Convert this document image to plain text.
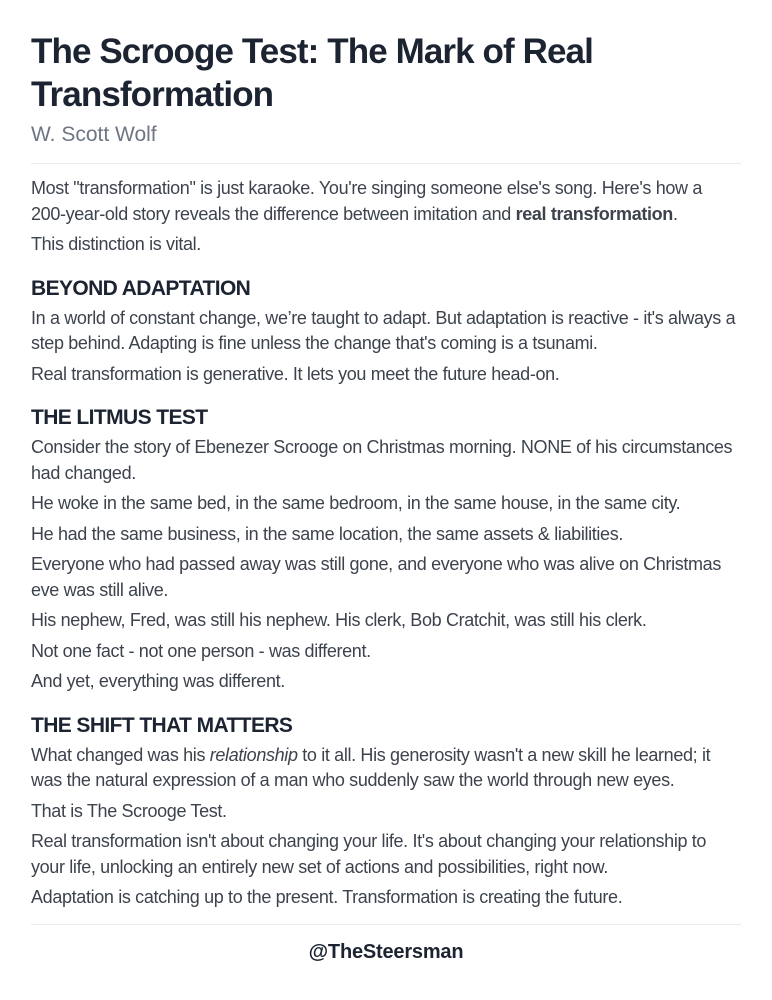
The Scrooge Test: The Mark of Real Transformation
W. Scott Wolf

Most "transformation" is just karaoke. You're singing someone else's song. Here's how a 200-year-old story reveals the difference between imitation and real transformation.

This distinction is vital.

BEYOND ADAPTATION

In a world of constant change, we’re taught to adapt. But adaptation is reactive - it's always a step behind. Adapting is fine unless the change that's coming is a tsunami.

Real transformation is generative. It lets you meet the future head-on.

THE LITMUS TEST

Consider the story of Ebenezer Scrooge on Christmas morning. NONE of his circumstances had changed.

He woke in the same bed, in the same bedroom, in the same house, in the same city.

He had the same business, in the same location, the same assets & liabilities.

Everyone who had passed away was still gone, and everyone who was alive on Christmas eve was still alive.

His nephew, Fred, was still his nephew. His clerk, Bob Cratchit, was still his clerk.

Not one fact - not one person - was different.

And yet, everything was different.

THE SHIFT THAT MATTERS

What changed was his relationship to it all. His generosity wasn't a new skill he learned; it was the natural expression of a man who suddenly saw the world through new eyes.

That is The Scrooge Test.

Real transformation isn't about changing your life. It's about changing your relationship to your life, unlocking an entirely new set of actions and possibilities, right now.

Adaptation is catching up to the present. Transformation is creating the future.

@TheSteersman
